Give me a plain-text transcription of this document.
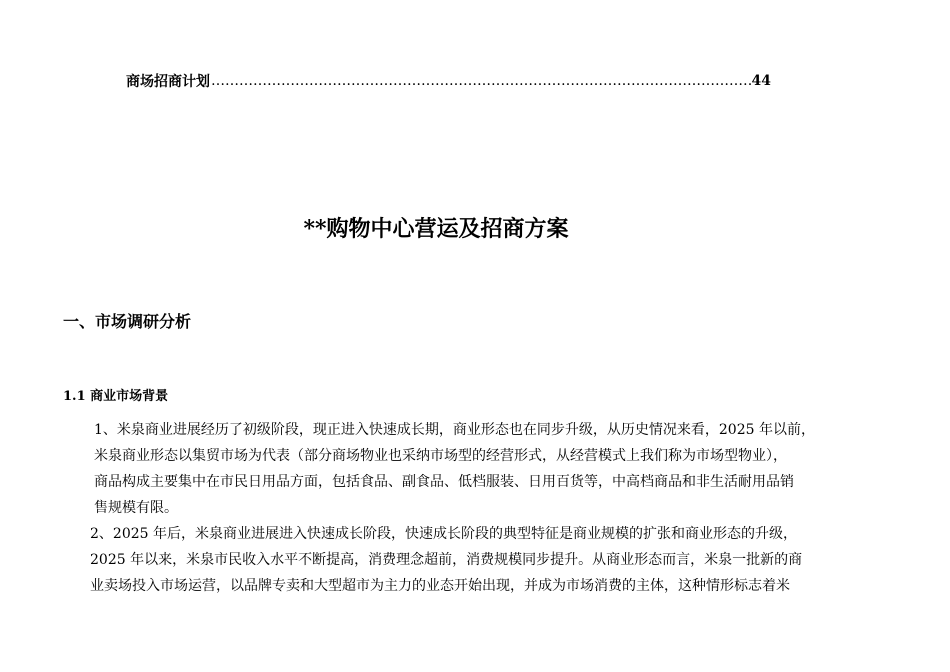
商场招商计划
…………………………………………………………………………………………………………………………………………………	44
**购物中心营运及招商方案
一、市场调研分析
1.1 商业市场背景
1、米泉商业进展经历了初级阶段，现正进入快速成长期，商业形态也在同步升级，从历史情况来看，2025 年以前，
米泉商业形态以集贸市场为代表（部分商场物业也采纳市场型的经营形式，从经营模式上我们称为市场型物业），
商品构成主要集中在市民日用品方面，包括食品、副食品、低档服装、日用百货等，中高档商品和非生活耐用品销
售规模有限。
2、2025 年后，米泉商业进展进入快速成长阶段，快速成长阶段的典型特征是商业规模的扩张和商业形态的升级，
2025 年以来，米泉市民收入水平不断提高，消费理念超前，消费规模同步提升。从商业形态而言，米泉一批新的商
业卖场投入市场运营，以品牌专卖和大型超市为主力的业态开始出现，并成为市场消费的主体，这种情形标志着米
